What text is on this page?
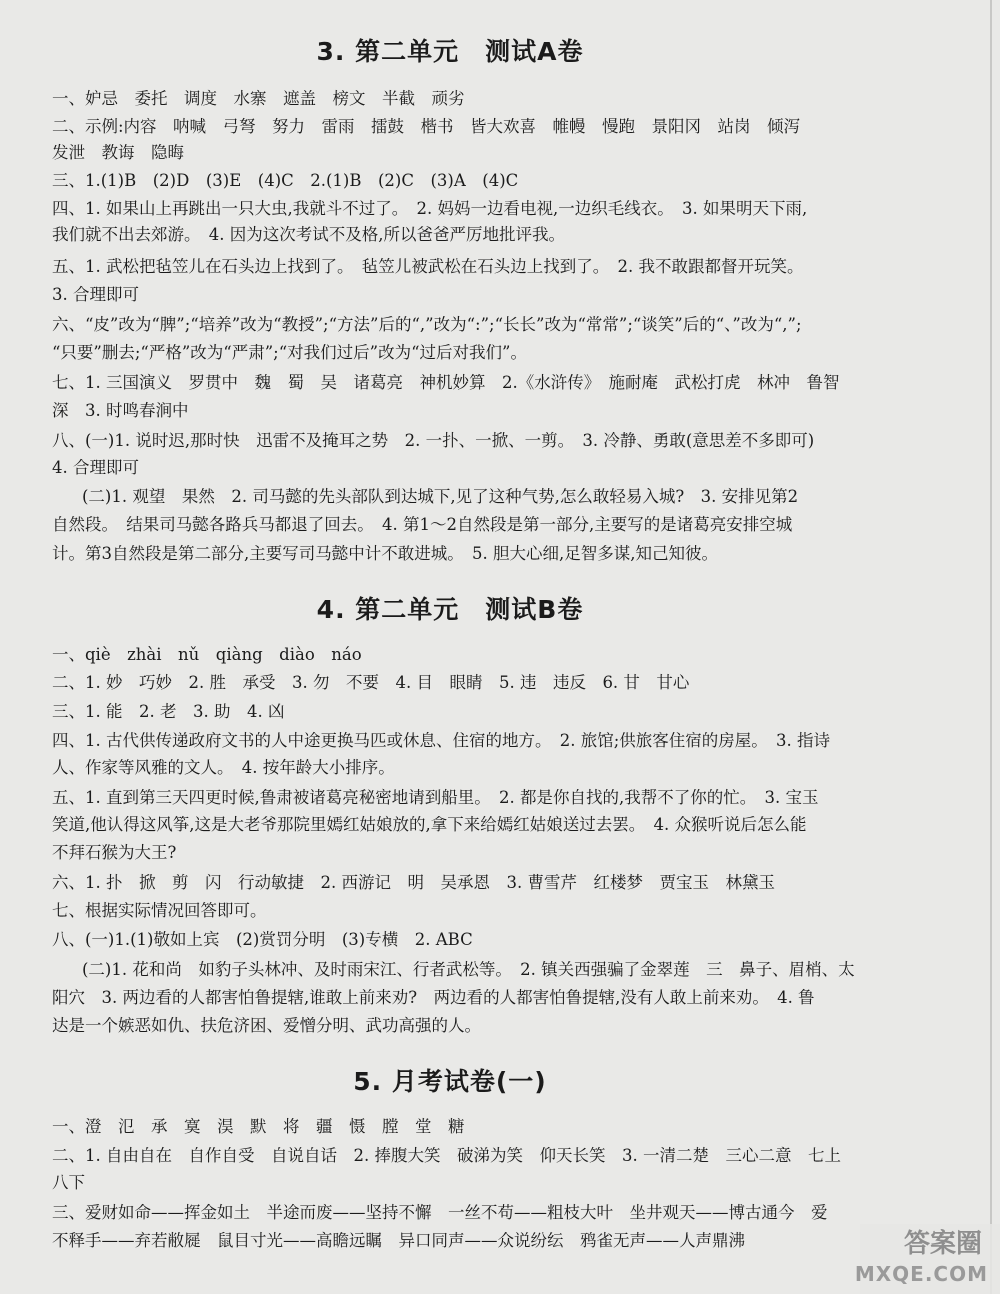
3. 第二单元　测试A卷

一、妒忌　委托　调度　水寨　遮盖　榜文　半截　顽劣

二、示例:内容　呐喊　弓弩　努力　雷雨　擂鼓　楷书　皆大欢喜　帷幔　慢跑　景阳冈　站岗　倾泻

发泄　教诲　隐晦

三、1.(1)B　(2)D　(3)E　(4)C　2.(1)B　(2)C　(3)A　(4)C

四、1. 如果山上再跳出一只大虫,我就斗不过了。　2. 妈妈一边看电视,一边织毛线衣。　3. 如果明天下雨,

我们就不出去郊游。　4. 因为这次考试不及格,所以爸爸严厉地批评我。

五、1. 武松把毡笠儿在石头边上找到了。　毡笠儿被武松在石头边上找到了。　2. 我不敢跟都督开玩笑。

3. 合理即可

六、“皮”改为“脾”;“培养”改为“教授”;“方法”后的“,”改为“:”;“长长”改为“常常”;“谈笑”后的“、”改为“,”;

“只要”删去;“严格”改为“严肃”;“对我们过后”改为“过后对我们”。

七、1. 三国演义　罗贯中　魏　蜀　吴　诸葛亮　神机妙算　2.《水浒传》　施耐庵　武松打虎　林冲　鲁智

深　3. 时鸣春涧中

八、(一)1. 说时迟,那时快　迅雷不及掩耳之势　2. 一扑、一掀、一剪。　3. 冷静、勇敢(意思差不多即可)

4. 合理即可

(二)1. 观望　果然　2. 司马懿的先头部队到达城下,见了这种气势,怎么敢轻易入城?　3. 安排见第2

自然段。　结果司马懿各路兵马都退了回去。　4. 第1～2自然段是第一部分,主要写的是诸葛亮安排空城

计。第3自然段是第二部分,主要写司马懿中计不敢进城。　5. 胆大心细,足智多谋,知己知彼。

4. 第二单元　测试B卷

一、qiè　zhài　nǔ　qiàng　diào　náo

二、1. 妙　巧妙　2. 胜　承受　3. 勿　不要　4. 目　眼睛　5. 违　违反　6. 甘　甘心

三、1. 能　2. 老　3. 助　4. 凶

四、1. 古代供传递政府文书的人中途更换马匹或休息、住宿的地方。　2. 旅馆;供旅客住宿的房屋。　3. 指诗

人、作家等风雅的文人。　4. 按年龄大小排序。

五、1. 直到第三天四更时候,鲁肃被诸葛亮秘密地请到船里。　2. 都是你自找的,我帮不了你的忙。　3. 宝玉

笑道,他认得这风筝,这是大老爷那院里嫣红姑娘放的,拿下来给嫣红姑娘送过去罢。　4. 众猴听说后怎么能

不拜石猴为大王?

六、1. 扑　掀　剪　闪　行动敏捷　2. 西游记　明　吴承恩　3. 曹雪芹　红楼梦　贾宝玉　林黛玉

七、根据实际情况回答即可。

八、(一)1.(1)敬如上宾　(2)赏罚分明　(3)专横　2. ABC

(二)1. 花和尚　如豹子头林冲、及时雨宋江、行者武松等。　2. 镇关西强骗了金翠莲　三　鼻子、眉梢、太

阳穴　3. 两边看的人都害怕鲁提辖,谁敢上前来劝?　两边看的人都害怕鲁提辖,没有人敢上前来劝。　4. 鲁

达是一个嫉恶如仇、扶危济困、爱憎分明、武功高强的人。

5. 月考试卷(一)

一、澄　氾　承　寞　淏　默　将　疆　慑　膛　堂　糖

二、1. 自由自在　自作自受　自说自话　2. 捧腹大笑　破涕为笑　仰天长笑　3. 一清二楚　三心二意　七上

八下

三、爱财如命——挥金如土　半途而废——坚持不懈　一丝不苟——粗枝大叶　坐井观天——博古通今　爱

不释手——弃若敝屣　鼠目寸光——高瞻远瞩　异口同声——众说纷纭　鸦雀无声——人声鼎沸	答案圈
MXQE.COM
